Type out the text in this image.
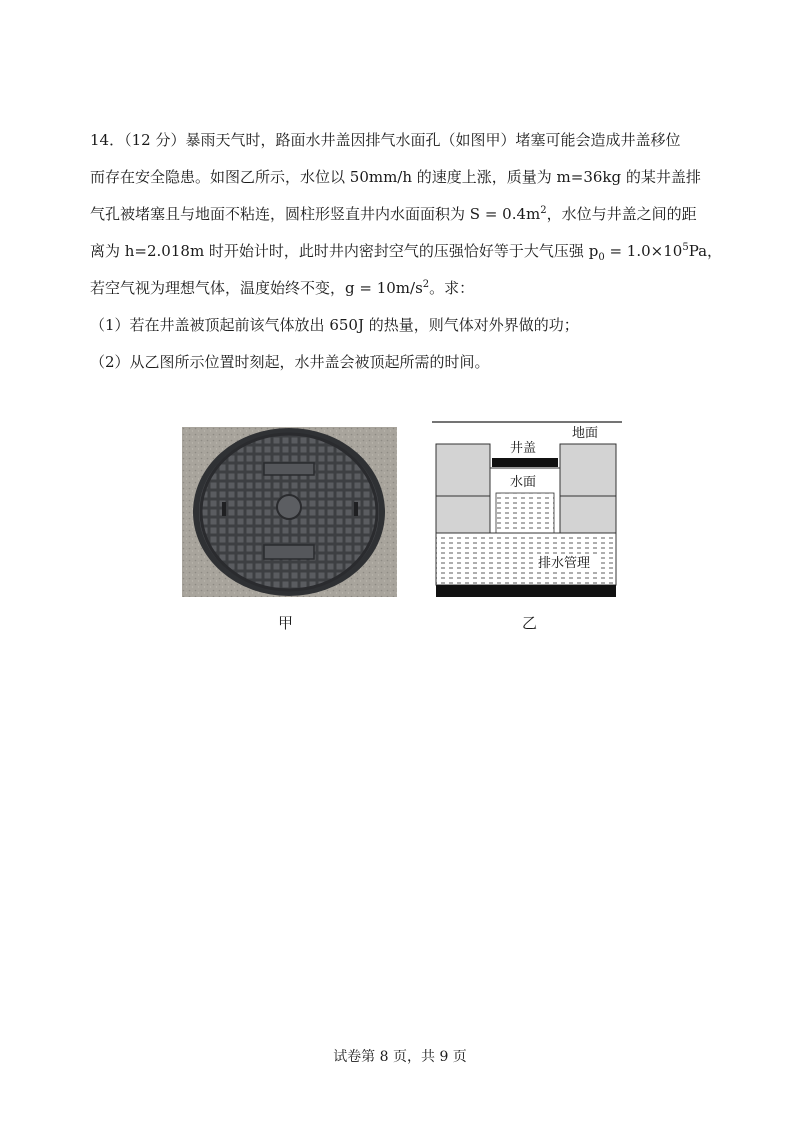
14．（12 分）暴雨天气时，路面水井盖因排气水面孔（如图甲）堵塞可能会造成井盖移位
而存在安全隐患。如图乙所示，水位以 50mm/h 的速度上涨，质量为 m=36kg 的某井盖排
气孔被堵塞且与地面不粘连，圆柱形竖直井内水面面积为 $S = 0.4m^2$，水位与井盖之间的距
离为 h=2.018m 时开始计时，此时井内密封空气的压强恰好等于大气压强 $p_0 = 1.0\times 10^5Pa$，
若空气视为理想气体，温度始终不变，$g = 10m/s^2$。求：
（1）若在井盖被顶起前该气体放出 650J 的热量，则气体对外界做的功；
（2）从乙图所示位置时刻起，水井盖会被顶起所需的时间。
地面
井盖
水面
排水管理
甲	乙
试卷第 8 页，共 9 页
